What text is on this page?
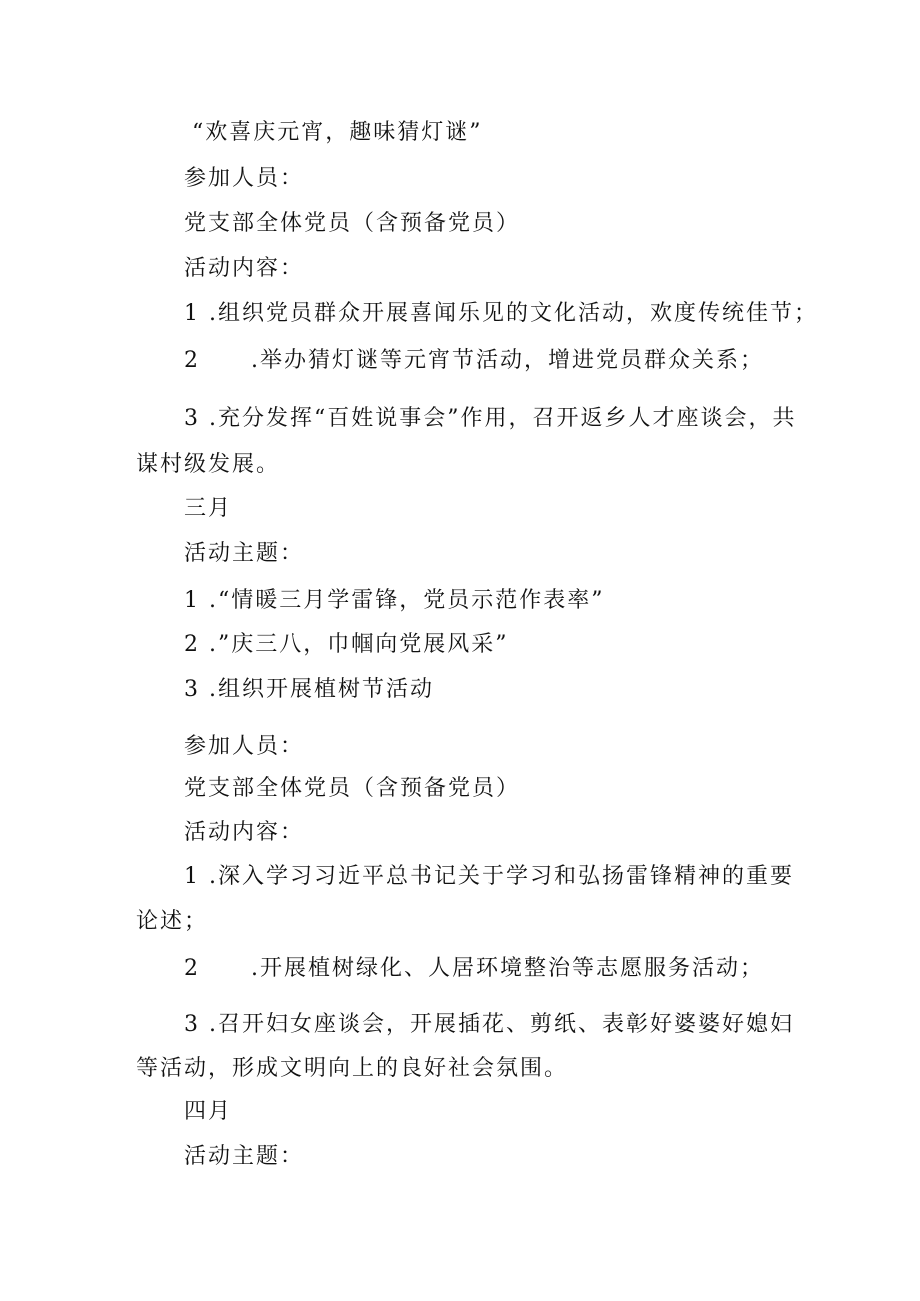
“欢喜庆元宵，趣味猜灯谜”
参加人员：
党支部全体党员（含预备党员）
活动内容：
1 .组织党员群众开展喜闻乐见的文化活动，欢度传统佳节；
2 .举办猜灯谜等元宵节活动，增进党员群众关系；
3 .充分发挥“百姓说事会”作用，召开返乡人才座谈会，共
谋村级发展。
三月
活动主题：
1 .“情暖三月学雷锋，党员示范作表率”
2 .”庆三八，巾帼向党展风采”
3 .组织开展植树节活动
参加人员：
党支部全体党员（含预备党员）
活动内容：
1 .深入学习习近平总书记关于学习和弘扬雷锋精神的重要
论述；
2 .开展植树绿化、人居环境整治等志愿服务活动；
3 .召开妇女座谈会，开展插花、剪纸、表彰好婆婆好媳妇
等活动，形成文明向上的良好社会氛围。
四月
活动主题：
